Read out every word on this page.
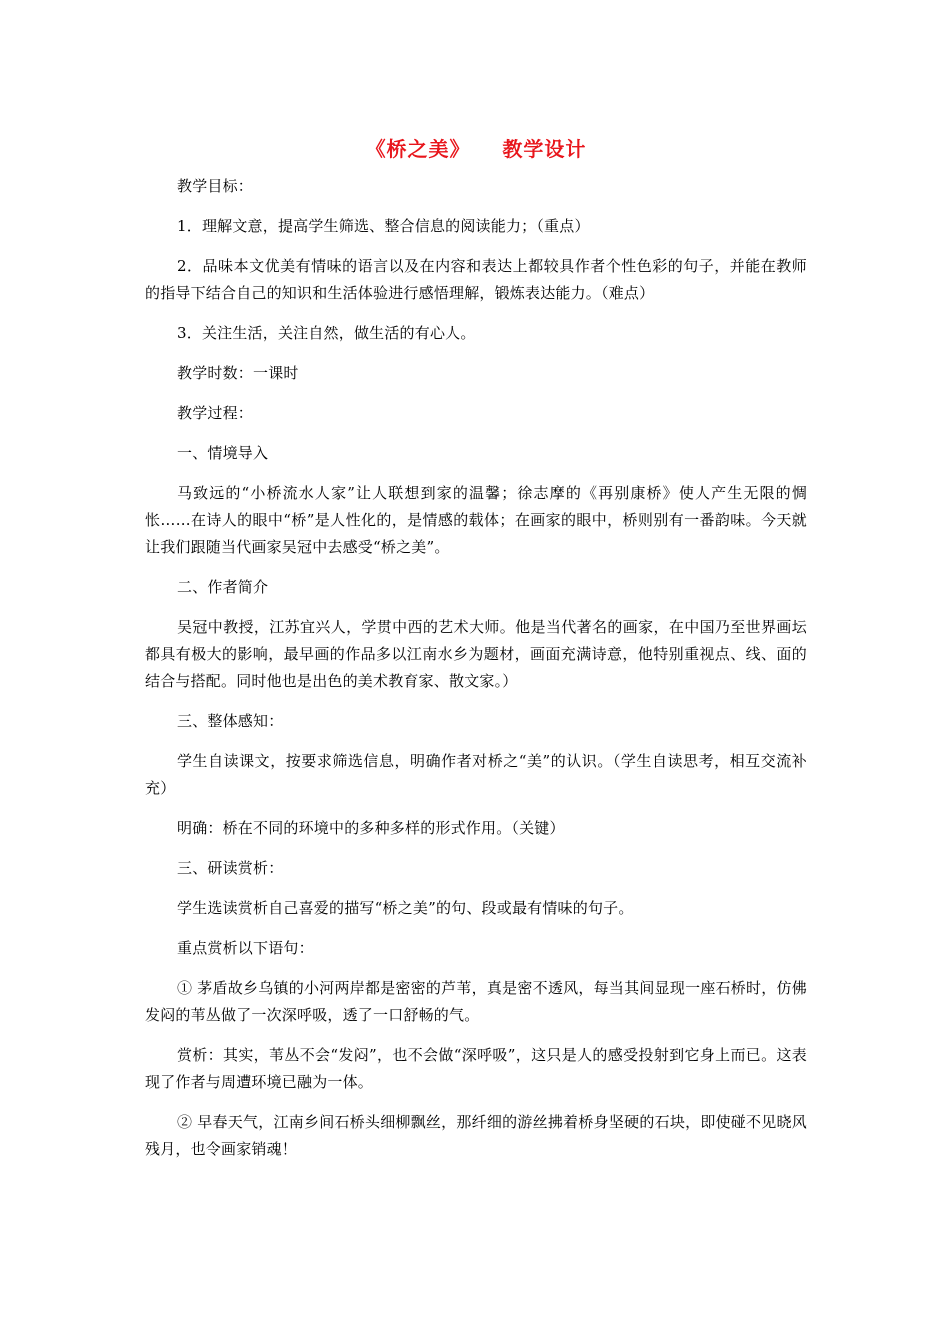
《桥之美》    教学设计

教学目标：

1．理解文意，提高学生筛选、整合信息的阅读能力；（重点）

2．品味本文优美有情味的语言以及在内容和表达上都较具作者个性色彩的句子，并能在教师的指导下结合自己的知识和生活体验进行感悟理解，锻炼表达能力。（难点）

3．关注生活，关注自然，做生活的有心人。

教学时数：一课时

教学过程：

一、情境导入

马致远的“小桥流水人家”让人联想到家的温馨；徐志摩的《再别康桥》使人产生无限的惆怅……在诗人的眼中“桥”是人性化的，是情感的载体；在画家的眼中，桥则别有一番韵味。今天就让我们跟随当代画家吴冠中去感受“桥之美”。

二、作者简介

吴冠中教授，江苏宜兴人，学贯中西的艺术大师。他是当代著名的画家，在中国乃至世界画坛都具有极大的影响，最早画的作品多以江南水乡为题材，画面充满诗意，他特别重视点、线、面的结合与搭配。同时他也是出色的美术教育家、散文家。）

三、整体感知：

学生自读课文，按要求筛选信息，明确作者对桥之“美”的认识。（学生自读思考，相互交流补充）

明确：桥在不同的环境中的多种多样的形式作用。（关键）

三、研读赏析：

学生选读赏析自己喜爱的描写“桥之美”的句、段或最有情味的句子。

重点赏析以下语句：

① 茅盾故乡乌镇的小河两岸都是密密的芦苇，真是密不透风，每当其间显现一座石桥时，仿佛发闷的苇丛做了一次深呼吸，透了一口舒畅的气。

赏析：其实，苇丛不会“发闷”，也不会做“深呼吸”，这只是人的感受投射到它身上而已。这表现了作者与周遭环境已融为一体。

② 早春天气，江南乡间石桥头细柳飘丝，那纤细的游丝拂着桥身坚硬的石块，即使碰不见晓风残月，也令画家销魂！
